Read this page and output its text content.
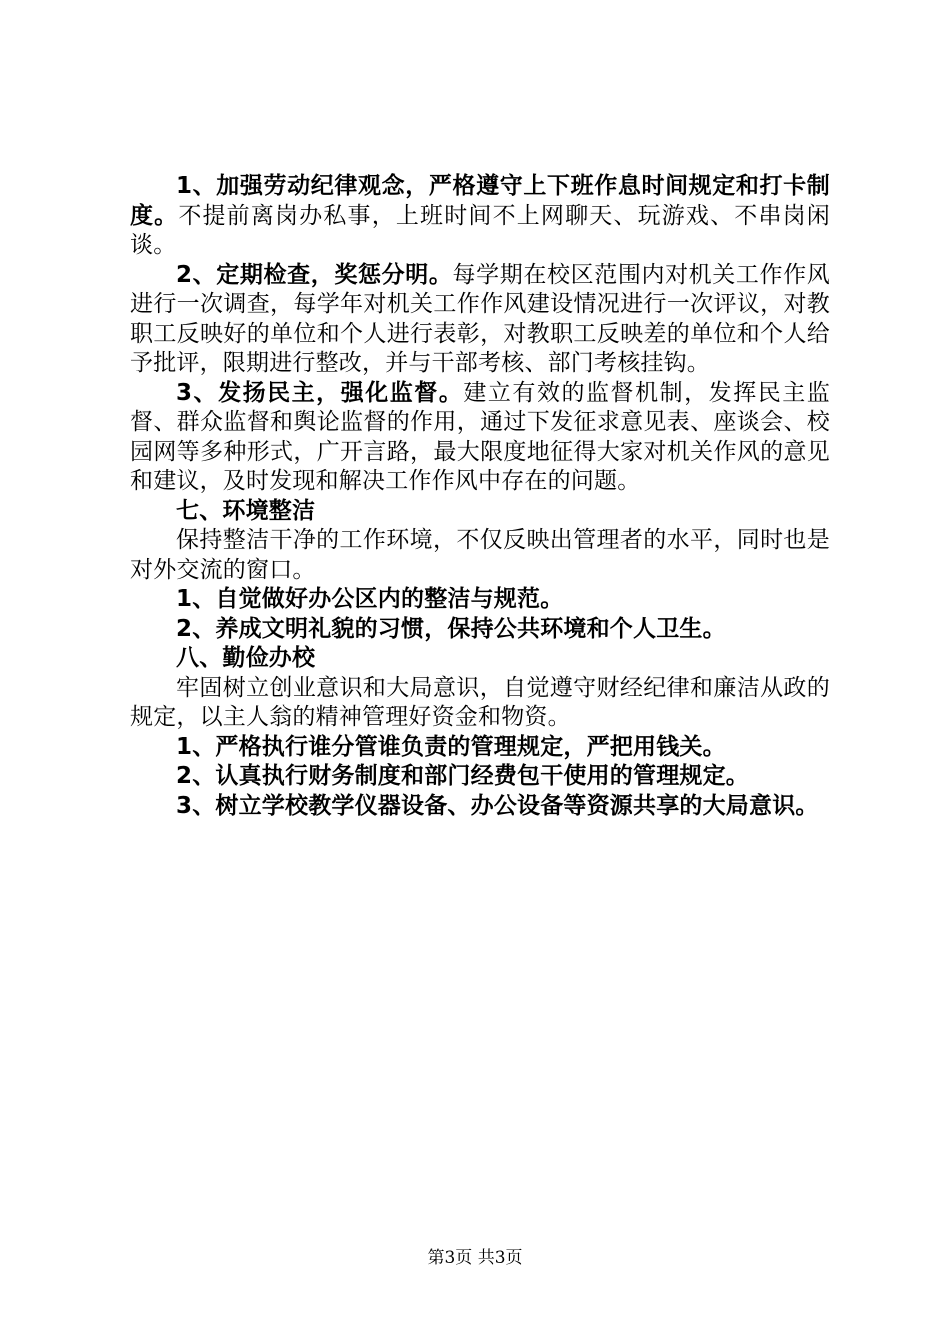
1、加强劳动纪律观念，严格遵守上下班作息时间规定和打卡制度。不提前离岗办私事，上班时间不上网聊天、玩游戏、不串岗闲谈。

2、定期检查，奖惩分明。每学期在校区范围内对机关工作作风进行一次调查，每学年对机关工作作风建设情况进行一次评议，对教职工反映好的单位和个人进行表彰，对教职工反映差的单位和个人给予批评，限期进行整改，并与干部考核、部门考核挂钩。

3、发扬民主，强化监督。建立有效的监督机制，发挥民主监督、群众监督和舆论监督的作用，通过下发征求意见表、座谈会、校园网等多种形式，广开言路，最大限度地征得大家对机关作风的意见和建议，及时发现和解决工作作风中存在的问题。

七、环境整洁

保持整洁干净的工作环境，不仅反映出管理者的水平，同时也是对外交流的窗口。

1、自觉做好办公区内的整洁与规范。

2、养成文明礼貌的习惯，保持公共环境和个人卫生。

八、勤俭办校

牢固树立创业意识和大局意识，自觉遵守财经纪律和廉洁从政的规定，以主人翁的精神管理好资金和物资。

1、严格执行谁分管谁负责的管理规定，严把用钱关。

2、认真执行财务制度和部门经费包干使用的管理规定。

3、树立学校教学仪器设备、办公设备等资源共享的大局意识。

第3页 共3页
